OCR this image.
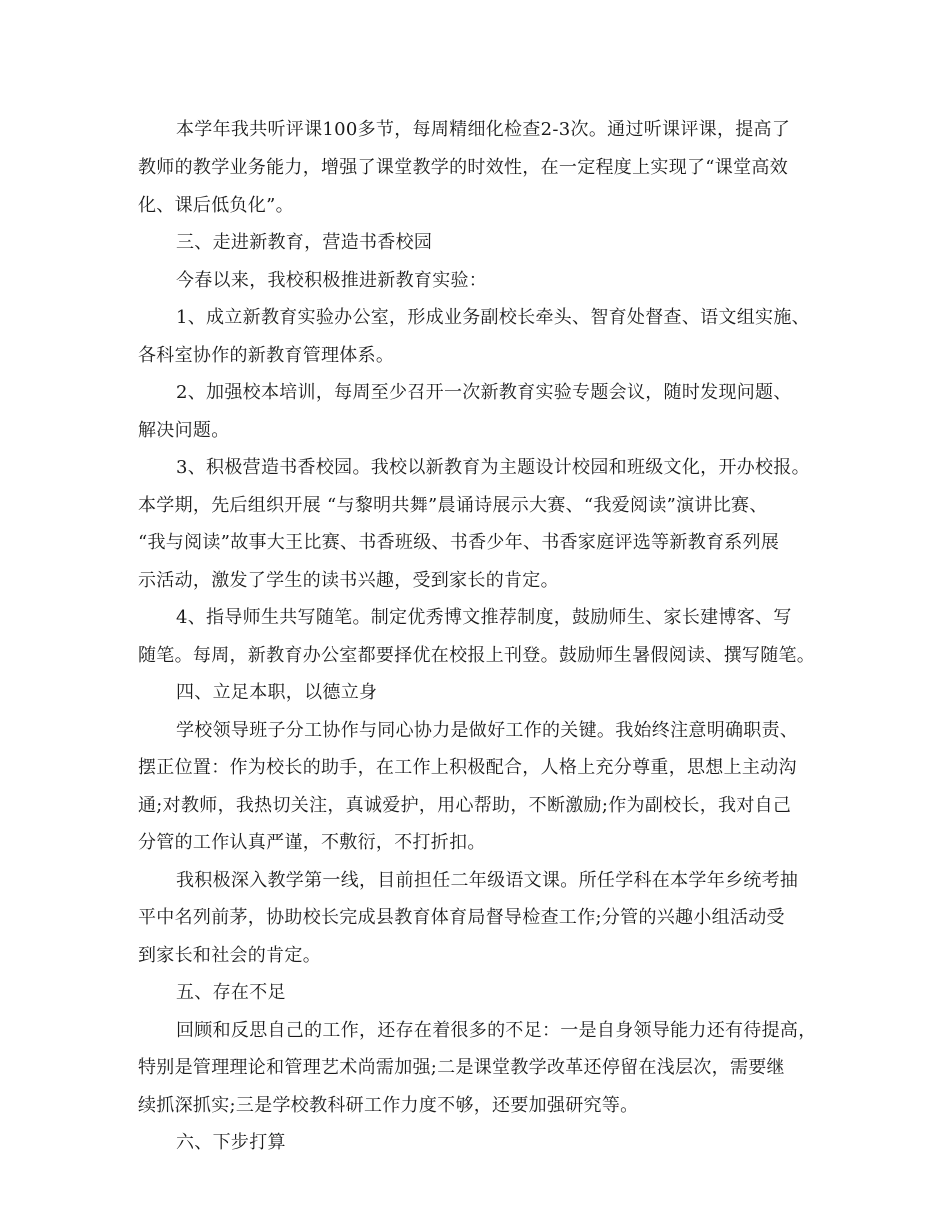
本学年我共听评课100多节，每周精细化检查2-3次。通过听课评课，提高了
教师的教学业务能力，增强了课堂教学的时效性，在一定程度上实现了“课堂高效
化、课后低负化”。
三、走进新教育，营造书香校园
今春以来，我校积极推进新教育实验：
1、成立新教育实验办公室，形成业务副校长牵头、智育处督查、语文组实施、
各科室协作的新教育管理体系。
2、加强校本培训，每周至少召开一次新教育实验专题会议，随时发现问题、
解决问题。
3、积极营造书香校园。我校以新教育为主题设计校园和班级文化，开办校报。
本学期，先后组织开展 “与黎明共舞”晨诵诗展示大赛、“我爱阅读”演讲比赛、
“我与阅读”故事大王比赛、书香班级、书香少年、书香家庭评选等新教育系列展
示活动，激发了学生的读书兴趣，受到家长的肯定。
4、指导师生共写随笔。制定优秀博文推荐制度，鼓励师生、家长建博客、写
随笔。每周，新教育办公室都要择优在校报上刊登。鼓励师生暑假阅读、撰写随笔。
四、立足本职，以德立身
学校领导班子分工协作与同心协力是做好工作的关键。我始终注意明确职责、
摆正位置：作为校长的助手，在工作上积极配合，人格上充分尊重，思想上主动沟
通;对教师，我热切关注，真诚爱护，用心帮助，不断激励;作为副校长，我对自己
分管的工作认真严谨，不敷衍，不打折扣。
我积极深入教学第一线，目前担任二年级语文课。所任学科在本学年乡统考抽
平中名列前茅，协助校长完成县教育体育局督导检查工作;分管的兴趣小组活动受
到家长和社会的肯定。
五、存在不足
回顾和反思自己的工作，还存在着很多的不足：一是自身领导能力还有待提高，
特别是管理理论和管理艺术尚需加强;二是课堂教学改革还停留在浅层次，需要继
续抓深抓实;三是学校教科研工作力度不够，还要加强研究等。
六、下步打算
